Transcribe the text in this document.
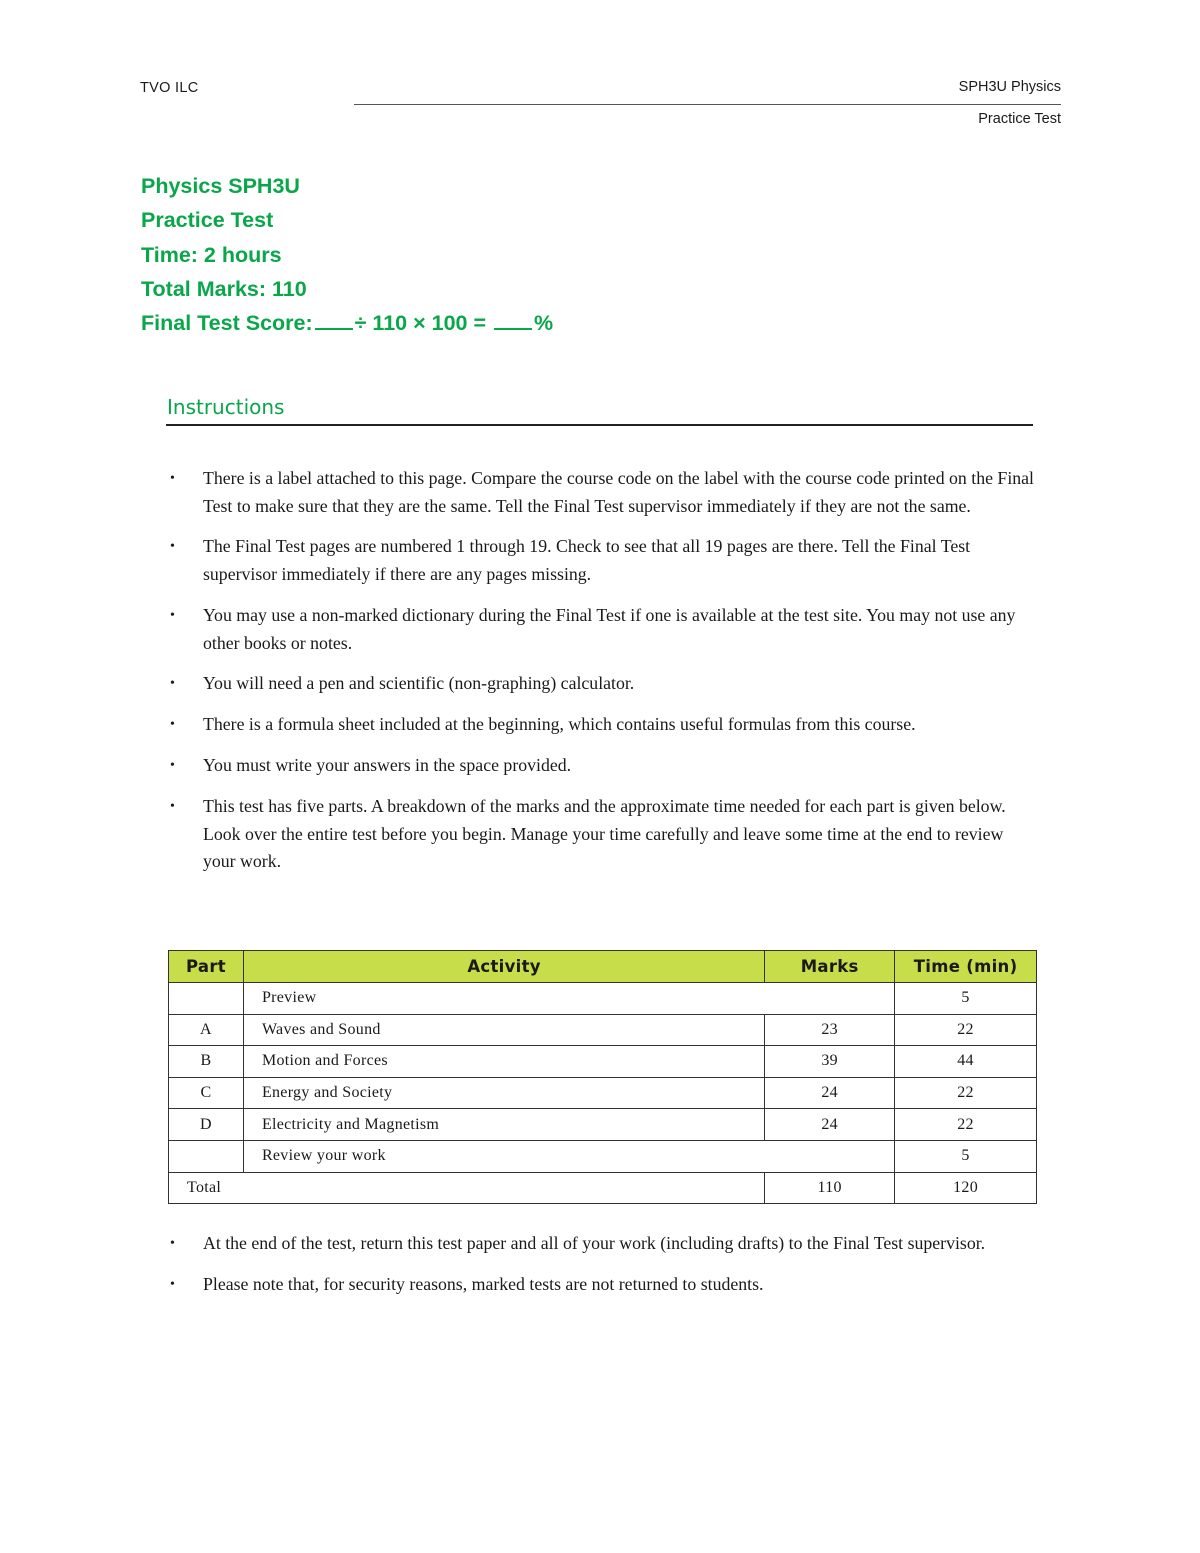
TVO ILC	SPH3U Physics
Practice Test
Physics SPH3U
Practice Test
Time: 2 hours
Total Marks: 110
Final Test Score: ÷ 110 × 100 = %
Instructions
• There is a label attached to this page. Compare the course code on the label with the course code printed on the Final Test to make sure that they are the same. Tell the Final Test supervisor immediately if they are not the same.
• The Final Test pages are numbered 1 through 19. Check to see that all 19 pages are there. Tell the Final Test supervisor immediately if there are any pages missing.
• You may use a non-marked dictionary during the Final Test if one is available at the test site. You may not use any other books or notes.
• You will need a pen and scientific (non-graphing) calculator.
• There is a formula sheet included at the beginning, which contains useful formulas from this course.
• You must write your answers in the space provided.
• This test has five parts. A breakdown of the marks and the approximate time needed for each part is given below. Look over the entire test before you begin. Manage your time carefully and leave some time at the end to review your work.
Part	Activity	Marks	Time (min)
	Preview		5
A	Waves and Sound	23	22
B	Motion and Forces	39	44
C	Energy and Society	24	22
D	Electricity and Magnetism	24	22
	Review your work		5
Total		110	120
• At the end of the test, return this test paper and all of your work (including drafts) to the Final Test supervisor.
• Please note that, for security reasons, marked tests are not returned to students.
